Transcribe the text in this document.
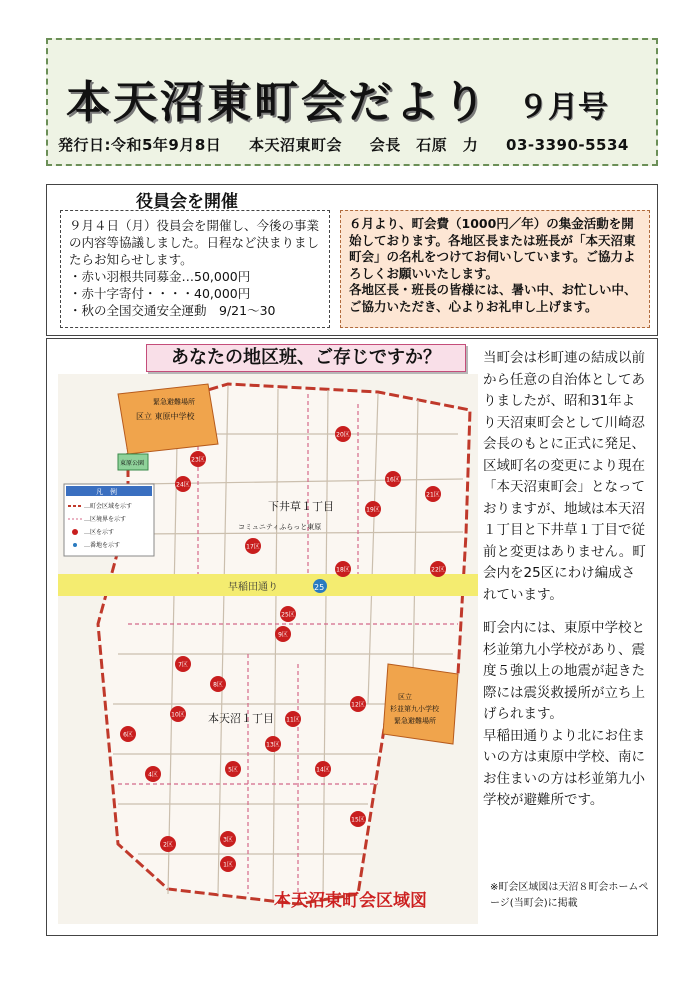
本天沼東町会だより ９月号
発行日:令和5年9月8日 本天沼東町会 会長　石原　力 03-3390-5534
役員会を開催
９月４日（月）役員会を開催し、今後の事業の内容等協議しました。日程など決まりましたらお知らせします。
・赤い羽根共同募金…50,000円
・赤十字寄付・・・・40,000円
・秋の全国交通安全運動　9/21～30
６月より、町会費（1000円／年）の集金活動を開始しております。各地区長または班長が「本天沼東町会」の名札をつけてお伺いしています。ご協力よろしくお願いいたします。
各地区長・班長の皆様には、暑い中、お忙しい中、ご協力いただき、心よりお礼申し上げます。
あなたの地区班、ご存じですか？
区立 東原中学校
緊急避難場所
東原公園
区立
杉並第九小学校
緊急避難場所
早稲田通り	25
下井草１丁目
本天沼１丁目
コミュニティふらっと東原
凡　例
…町会区域を示す
…区境界を示す
…区を示す
…番地を示す
1区
2区
3区
4区
5区
6区
7区
8区
9区
10区
11区
12区
13区
14区
15区
16区
17区
18区
19区
20区
21区
22区
23区
24区
25区
本天沼東町会区域図

当町会は杉町連の結成以前から任意の自治体としてありましたが、昭和31年より天沼東町会として川崎忍会長のもとに正式に発足、区域町名の変更により現在「本天沼東町会」となっておりますが、地域は本天沼１丁目と下井草１丁目で従前と変更はありません。町会内を25区にわけ編成されています。

町会内には、東原中学校と杉並第九小学校があり、震度５強以上の地震が起きた際には震災救援所が立ち上げられます。

早稲田通りより北にお住まいの方は東原中学校、南にお住まいの方は杉並第九小学校が避難所です。

※町会区域図は天沼８町会ホームページ(当町会)に掲載
